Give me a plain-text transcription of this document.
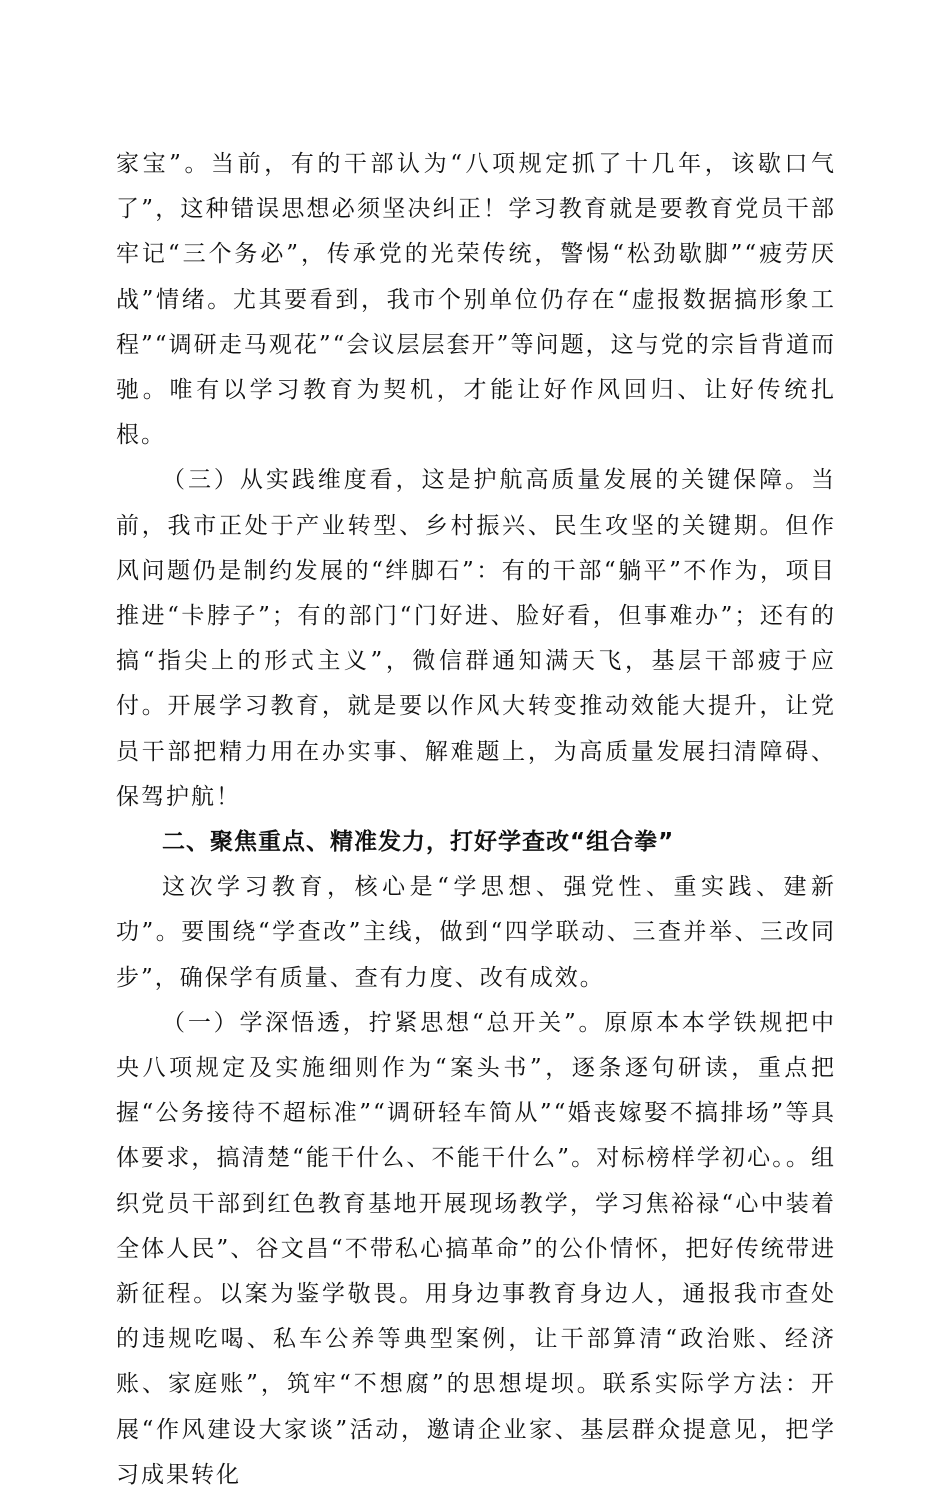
家宝”。当前，有的干部认为“八项规定抓了十几年，该歇口气了”，这种错误思想必须坚决纠正！学习教育就是要教育党员干部牢记“三个务必”，传承党的光荣传统，警惕“松劲歇脚”“疲劳厌战”情绪。尤其要看到，我市个别单位仍存在“虚报数据搞形象工程”“调研走马观花”“会议层层套开”等问题，这与党的宗旨背道而驰。唯有以学习教育为契机，才能让好作风回归、让好传统扎根。

（三）从实践维度看，这是护航高质量发展的关键保障。当前，我市正处于产业转型、乡村振兴、民生攻坚的关键期。但作风问题仍是制约发展的“绊脚石”：有的干部“躺平”不作为，项目推进“卡脖子”；有的部门“门好进、脸好看，但事难办”；还有的搞“指尖上的形式主义”，微信群通知满天飞，基层干部疲于应付。开展学习教育，就是要以作风大转变推动效能大提升，让党员干部把精力用在办实事、解难题上，为高质量发展扫清障碍、保驾护航！

二、聚焦重点、精准发力，打好学查改“组合拳”

这次学习教育，核心是“学思想、强党性、重实践、建新功”。要围绕“学查改”主线，做到“四学联动、三查并举、三改同步”，确保学有质量、查有力度、改有成效。

（一）学深悟透，拧紧思想“总开关”。原原本本学铁规把中央八项规定及实施细则作为“案头书”，逐条逐句研读，重点把握“公务接待不超标准”“调研轻车简从”“婚丧嫁娶不搞排场”等具体要求，搞清楚“能干什么、不能干什么”。对标榜样学初心。。组织党员干部到红色教育基地开展现场教学，学习焦裕禄“心中装着全体人民”、谷文昌“不带私心搞革命”的公仆情怀，把好传统带进新征程。以案为鉴学敬畏。用身边事教育身边人，通报我市查处的违规吃喝、私车公养等典型案例，让干部算清“政治账、经济账、家庭账”，筑牢“不想腐”的思想堤坝。联系实际学方法：开展“作风建设大家谈”活动，邀请企业家、基层群众提意见，把学习成果转化
